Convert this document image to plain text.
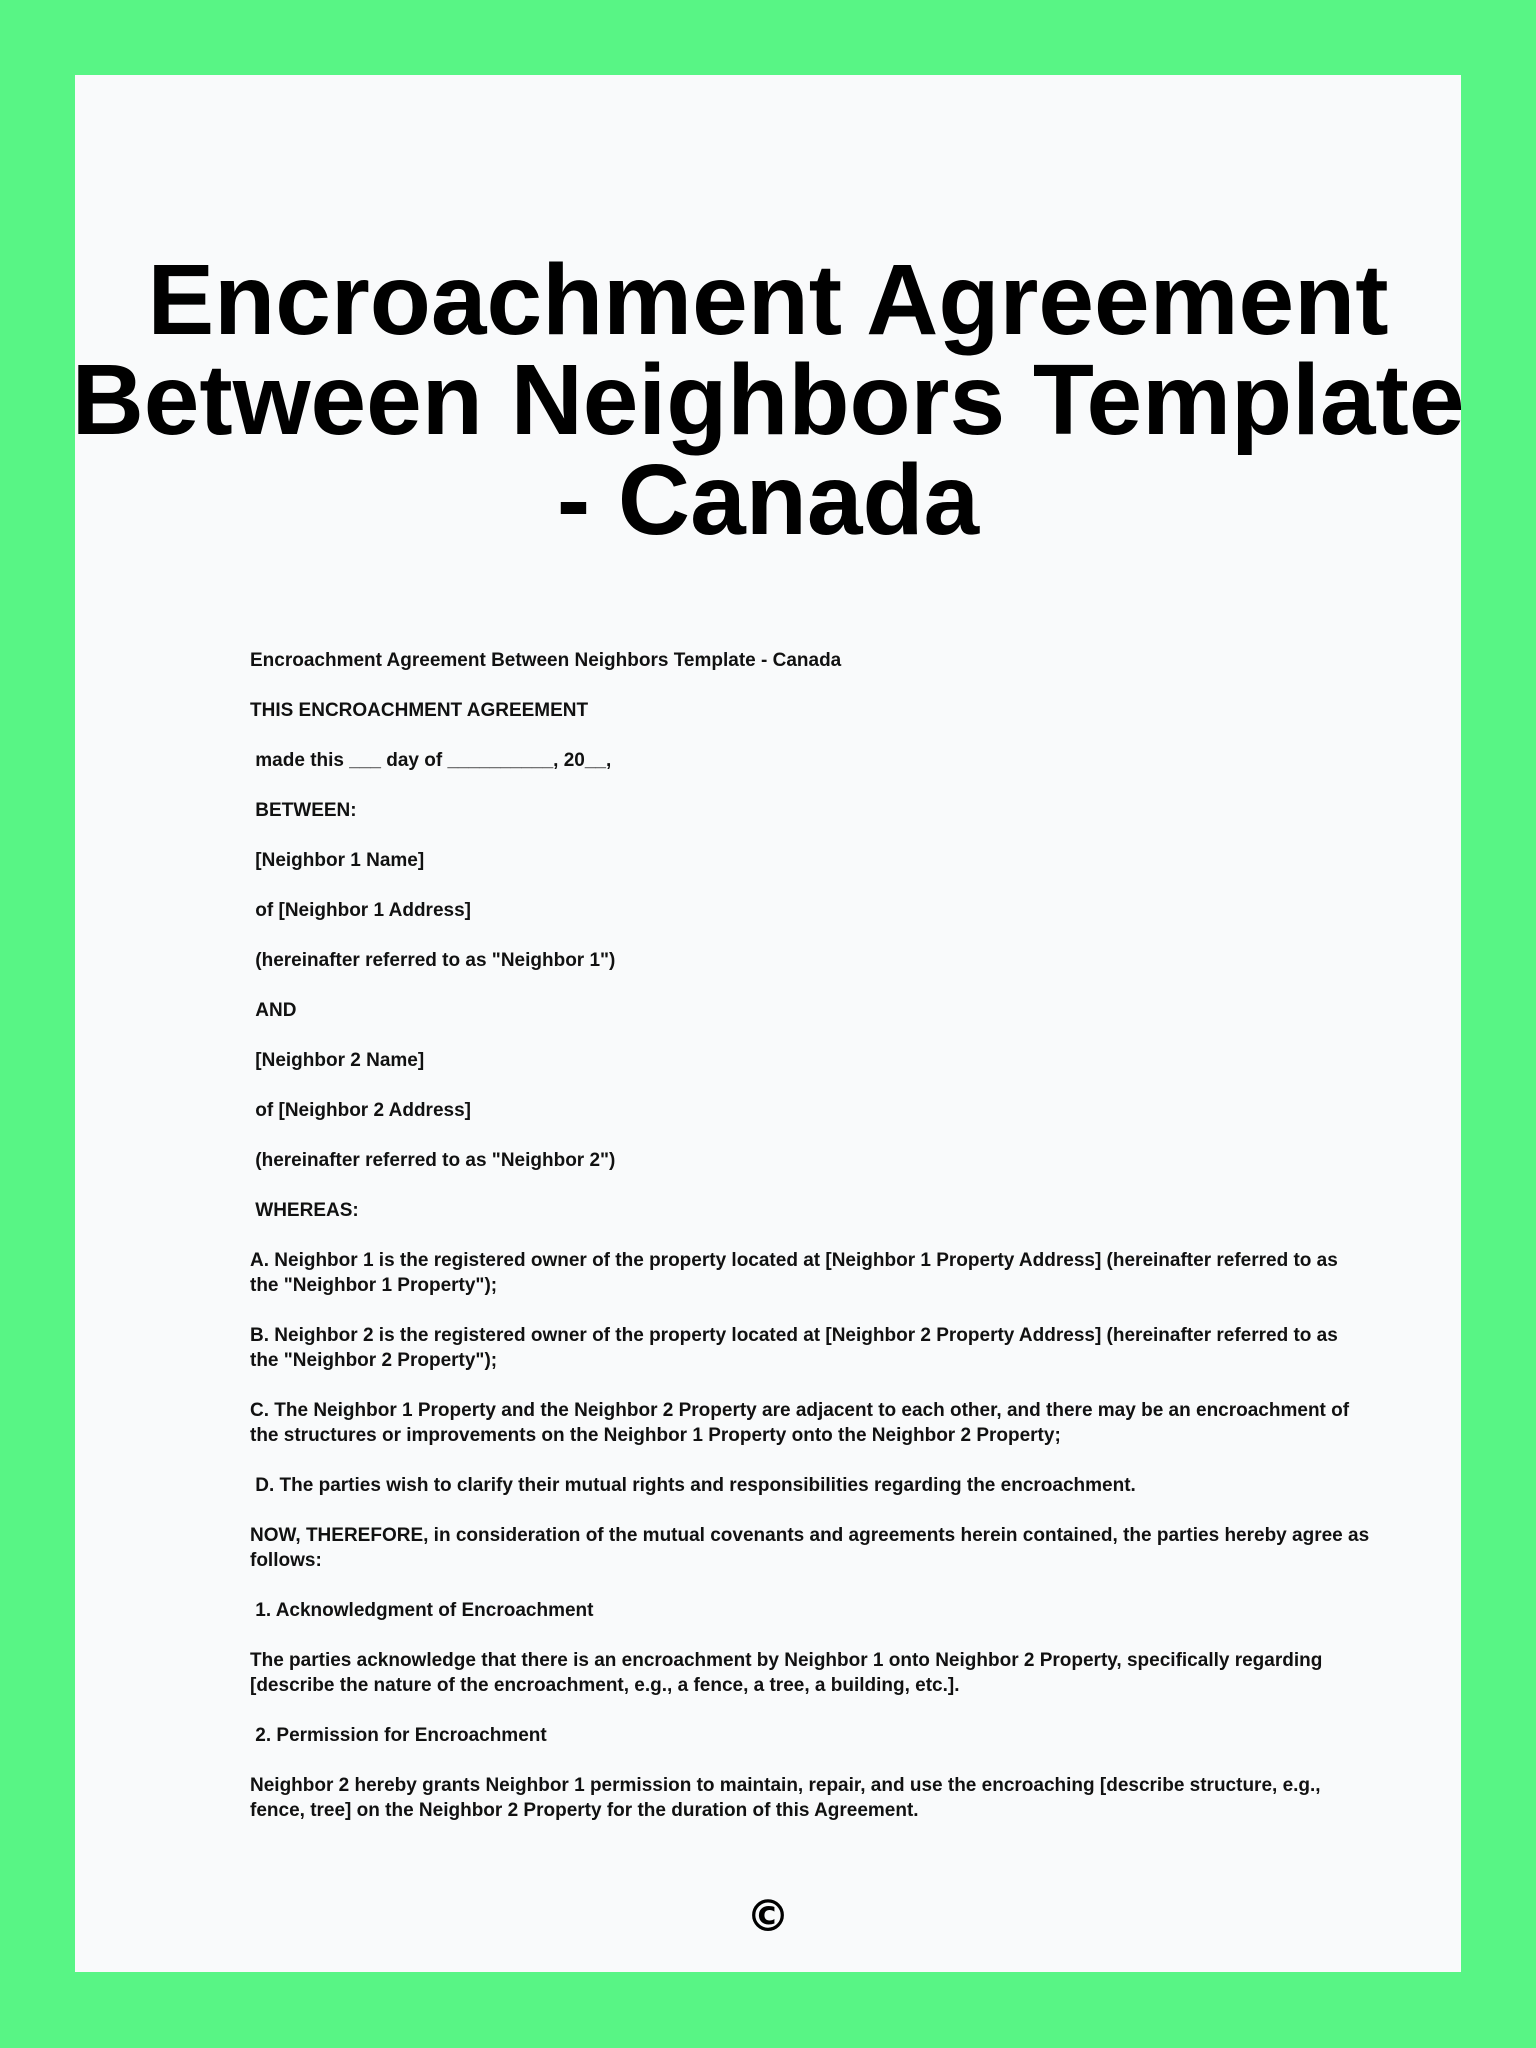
Encroachment Agreement
Between Neighbors Template
- Canada

Encroachment Agreement Between Neighbors Template - Canada

THIS ENCROACHMENT AGREEMENT

made this ___ day of __________, 20__,

BETWEEN:

[Neighbor 1 Name]

of [Neighbor 1 Address]

(hereinafter referred to as "Neighbor 1")

AND

[Neighbor 2 Name]

of [Neighbor 2 Address]

(hereinafter referred to as "Neighbor 2")

WHEREAS:

A. Neighbor 1 is the registered owner of the property located at [Neighbor 1 Property Address] (hereinafter referred to as the "Neighbor 1 Property");

B. Neighbor 2 is the registered owner of the property located at [Neighbor 2 Property Address] (hereinafter referred to as the "Neighbor 2 Property");

C. The Neighbor 1 Property and the Neighbor 2 Property are adjacent to each other, and there may be an encroachment of the structures or improvements on the Neighbor 1 Property onto the Neighbor 2 Property;

D. The parties wish to clarify their mutual rights and responsibilities regarding the encroachment.

NOW, THEREFORE, in consideration of the mutual covenants and agreements herein contained, the parties hereby agree as follows:

1. Acknowledgment of Encroachment

The parties acknowledge that there is an encroachment by Neighbor 1 onto Neighbor 2 Property, specifically regarding [describe the nature of the encroachment, e.g., a fence, a tree, a building, etc.].

2. Permission for Encroachment

Neighbor 2 hereby grants Neighbor 1 permission to maintain, repair, and use the encroaching [describe structure, e.g., fence, tree] on the Neighbor 2 Property for the duration of this Agreement.

©
